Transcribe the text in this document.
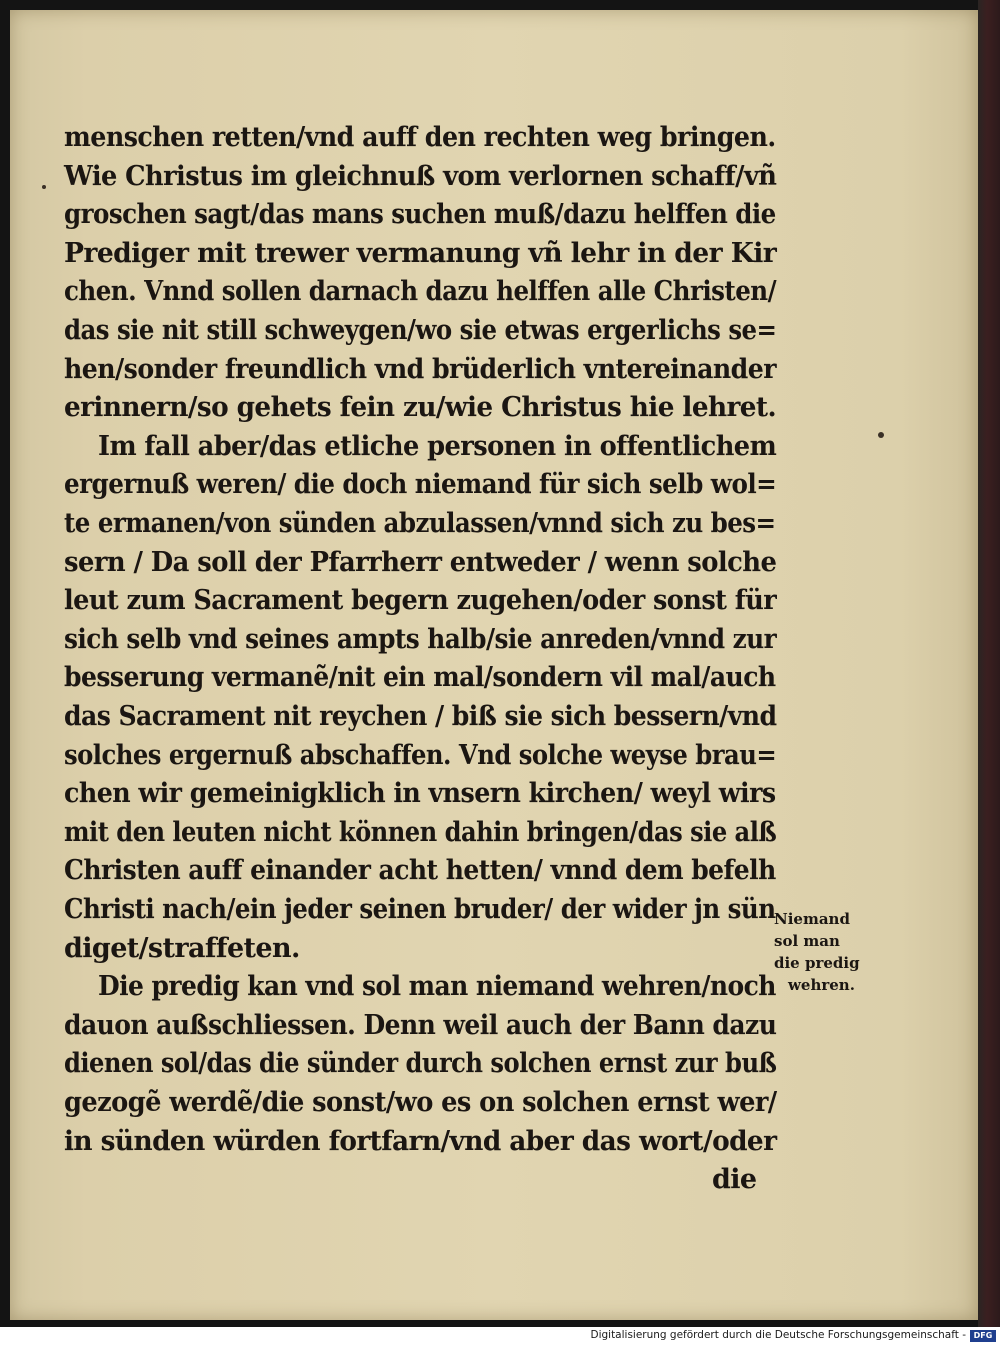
menschen retten/vnd auff den rechten weg bringen.
Wie Christus im gleichnuß vom verlornen schaff/vñ
groschen sagt/das mans suchen muß/dazu helffen die
Prediger mit trewer vermanung vñ lehr in der Kir
chen. Vnnd sollen darnach dazu helffen alle Christen/
das sie nit still schweygen/wo sie etwas ergerlichs se=
hen/sonder freundlich vnd brüderlich vntereinander
erinnern/so gehets fein zu/wie Christus hie lehret.
Im fall aber/das etliche personen in offentlichem
ergernuß weren/ die doch niemand für sich selb wol=
te ermanen/von sünden abzulassen/vnnd sich zu bes=
sern / Da soll der Pfarrherr entweder / wenn solche
leut zum Sacrament begern zugehen/oder sonst für
sich selb vnd seines ampts halb/sie anreden/vnnd zur
besserung vermanẽ/nit ein mal/sondern vil mal/auch
das Sacrament nit reychen / biß sie sich bessern/vnd
solches ergernuß abschaffen. Vnd solche weyse brau=
chen wir gemeinigklich in vnsern kirchen/ weyl wirs
mit den leuten nicht können dahin bringen/das sie alß
Christen auff einander acht hetten/ vnnd dem befelh
Christi nach/ein jeder seinen bruder/ der wider jn sün
diget/straffeten.
Die predig kan vnd sol man niemand wehren/noch
dauon außschliessen. Denn weil auch der Bann dazu
dienen sol/das die sünder durch solchen ernst zur buß
gezogẽ werdẽ/die sonst/wo es on solchen ernst wer/
in sünden würden fortfarn/vnd aber das wort/oder
die
Niemand
sol man
die predig
wehren.
Digitalisierung gefördert durch die Deutsche Forschungsgemeinschaft - DFG
